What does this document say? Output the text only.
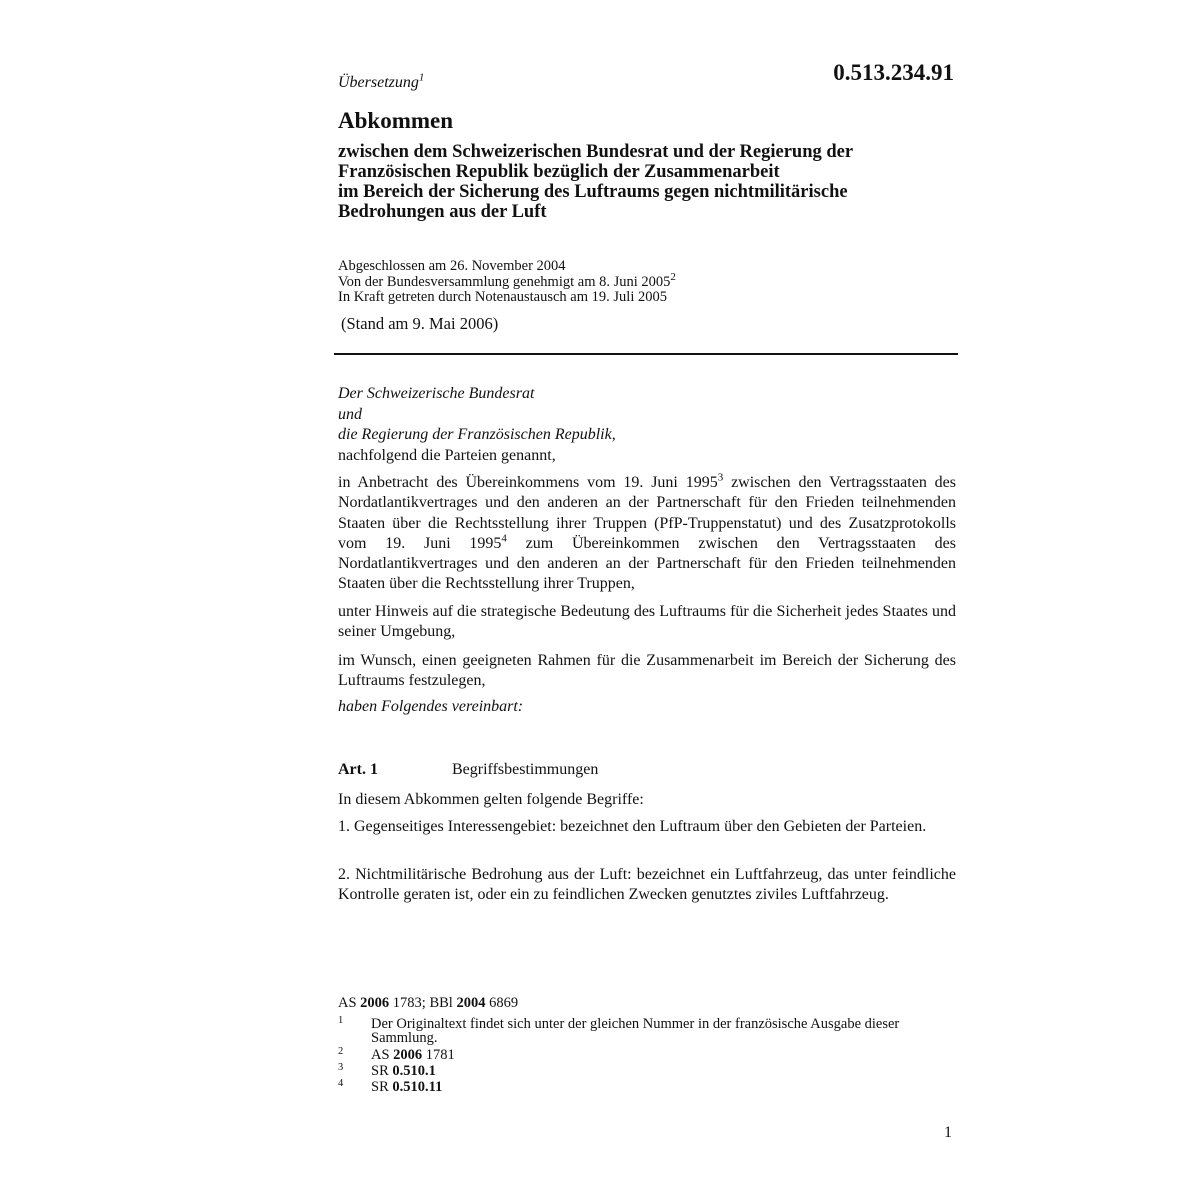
Übersetzung$^1$	0.513.234.91
Abkommen
zwischen dem Schweizerischen Bundesrat und der Regierung der
Französischen Republik bezüglich der Zusammenarbeit
im Bereich der Sicherung des Luftraums gegen nichtmilitärische
Bedrohungen aus der Luft
Abgeschlossen am 26. November 2004
Von der Bundesversammlung genehmigt am 8. Juni 2005$^2$
In Kraft getreten durch Notenaustausch am 19. Juli 2005
(Stand am 9. Mai 2006)
Der Schweizerische Bundesrat
und
die Regierung der Französischen Republik,
nachfolgend die Parteien genannt,

in Anbetracht des Übereinkommens vom 19. Juni 1995$^3$ zwischen den Vertragsstaaten des Nordatlantikvertrages und den anderen an der Partnerschaft für den Frieden teilnehmenden Staaten über die Rechtsstellung ihrer Truppen (PfP-Truppenstatut) und des Zusatzprotokolls vom 19. Juni 1995$^4$ zum Übereinkommen zwischen den Vertragsstaaten des Nordatlantikvertrages und den anderen an der Partnerschaft für den Frieden teilnehmenden Staaten über die Rechtsstellung ihrer Truppen,

unter Hinweis auf die strategische Bedeutung des Luftraums für die Sicherheit jedes Staates und seiner Umgebung,

im Wunsch, einen geeigneten Rahmen für die Zusammenarbeit im Bereich der Sicherung des Luftraums festzulegen,

haben Folgendes vereinbart:
Art. 1	Begriffsbestimmungen

In diesem Abkommen gelten folgende Begriffe:

1. Gegenseitiges Interessengebiet: bezeichnet den Luftraum über den Gebieten der Parteien.

2. Nichtmilitärische Bedrohung aus der Luft: bezeichnet ein Luftfahrzeug, das unter feindliche Kontrolle geraten ist, oder ein zu feindlichen Zwecken genutztes ziviles Luftfahrzeug.

AS 2006 1783; BBl 2004 6869
1 Der Originaltext findet sich unter der gleichen Nummer in der französische Ausgabe dieser Sammlung.
2 AS 2006 1781
3 SR 0.510.1
4 SR 0.510.11
1
